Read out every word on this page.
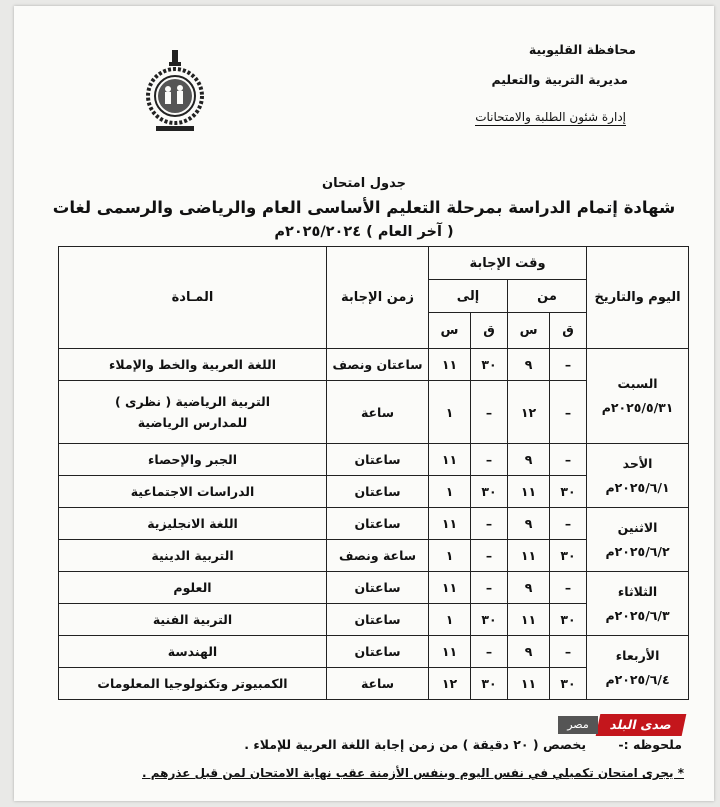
محافظة القليوبية
مديرية التربية والتعليم
إدارة شئون الطلبة والامتحانات
جدول امتحان
شهادة إتمام الدراسة بمرحلة التعليم الأساسى العام والرياضى والرسمى لغات
( آخر العام ) ٢٠٢٥/٢٠٢٤م
اليوم والتاريخ	وقت الإجابة				زمن الإجابة	المـادة
	من		إلى			
	ق	س	ق	س		

السبت
٢٠٢٥/٥/٣١م	–	٩	٣٠	١١	ساعتان ونصف	اللغة العربية والخط والإملاء
	–	١٢	–	١	ساعة	التربية الرياضية ( نظرى )
للمدارس الرياضية

الأحد
٢٠٢٥/٦/١م	–	٩	–	١١	ساعتان	الجبر والإحصاء
	٣٠	١١	٣٠	١	ساعتان	الدراسات الاجتماعية

الاثنين
٢٠٢٥/٦/٢م	–	٩	–	١١	ساعتان	اللغة الانجليزية
	٣٠	١١	–	١	ساعة ونصف	التربية الدينية

الثلاثاء
٢٠٢٥/٦/٣م	–	٩	–	١١	ساعتان	العلوم
	٣٠	١١	٣٠	١	ساعتان	التربية الفنية

الأربعاء
٢٠٢٥/٦/٤م	–	٩	–	١١	ساعتان	الهندسة
	٣٠	١١	٣٠	١٢	ساعة	الكمبيوتر وتكنولوجيا المعلومات
صدى البلد
مصر
ملحوظه :- يخصص ( ٢٠ دقيقة ) من زمن إجابة اللغة العربية للإملاء .
* يجرى امتحان تكميلي في نفس اليوم وبنفس الأزمنة عقب نهاية الامتحان لمن قبل عذرهم .
